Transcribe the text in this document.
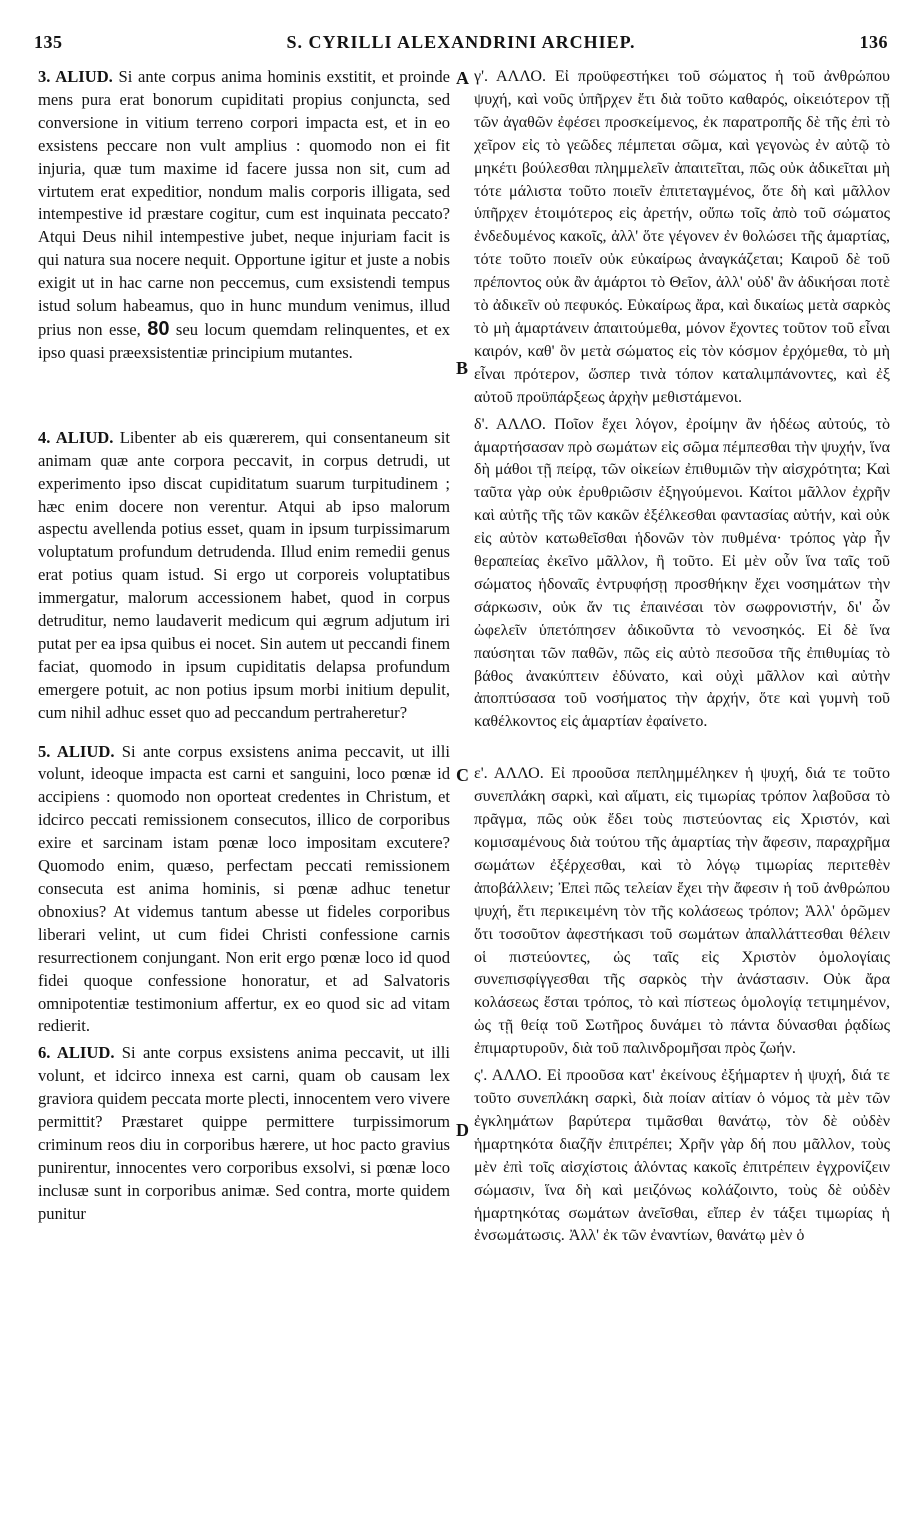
135	S. CYRILLI ALEXANDRINI ARCHIEP.	136
A
B
C
D

3. ALIUD. Si ante corpus anima hominis exstitit, et proinde mens pura erat bonorum cupiditati propius conjuncta, sed conversione in vitium terreno corpori impacta est, et in eo exsistens peccare non vult amplius : quomodo non ei fit injuria, quæ tum maxime id facere jussa non sit, cum ad virtutem erat expeditior, nondum malis corporis illigata, sed intempestive id præstare cogitur, cum est inquinata peccato? Atqui Deus nihil intempestive jubet, neque injuriam facit is qui natura sua nocere nequit. Opportune igitur et juste a nobis exigit ut in hac carne non peccemus, cum exsistendi tempus istud solum habeamus, quo in hunc mundum venimus, illud prius non esse, 80 seu locum quemdam relinquentes, et ex ipso quasi præexsistentiæ principium mutantes.

4. ALIUD. Libenter ab eis quærerem, qui consentaneum sit animam quæ ante corpora peccavit, in corpus detrudi, ut experimento ipso discat cupiditatum suarum turpitudinem ; hæc enim docere non verentur. Atqui ab ipso malorum aspectu avellenda potius esset, quam in ipsum turpissimarum voluptatum profundum detrudenda. Illud enim remedii genus erat potius quam istud. Si ergo ut corporeis voluptatibus immergatur, malorum accessionem habet, quod in corpus detruditur, nemo laudaverit medicum qui ægrum adjutum iri putat per ea ipsa quibus ei nocet. Sin autem ut peccandi finem faciat, quomodo in ipsum cupiditatis delapsa profundum emergere potuit, ac non potius ipsum morbi initium depulit, cum nihil adhuc esset quo ad peccandum pertraheretur?

5. ALIUD. Si ante corpus exsistens anima peccavit, ut illi volunt, ideoque impacta est carni et sanguini, loco pœnæ id accipiens : quomodo non oporteat credentes in Christum, et idcirco peccati remissionem consecutos, illico de corporibus exire et sarcinam istam pœnæ loco impositam excutere? Quomodo enim, quæso, perfectam peccati remissionem consecuta est anima hominis, si pœnæ adhuc tenetur obnoxius? At videmus tantum abesse ut fideles corporibus liberari velint, ut cum fidei Christi confessione carnis resurrectionem conjungant. Non erit ergo pœnæ loco id quod fidei quoque confessione honoratur, et ad Salvatoris omnipotentiæ testimonium affertur, ex eo quod sic ad vitam redierit.

6. ALIUD. Si ante corpus exsistens anima peccavit, ut illi volunt, et idcirco innexa est carni, quam ob causam lex graviora quidem peccata morte plecti, innocentem vero vivere permittit? Præstaret quippe permittere turpissimorum criminum reos diu in corporibus hærere, ut hoc pacto gravius punirentur, innocentes vero corporibus exsolvi, si pœnæ loco inclusæ sunt in corporibus animæ. Sed contra, morte quidem punitur

γ'. ΑΛΛΟ. Εἰ προϋφεστήκει τοῦ σώματος ἡ τοῦ ἀνθρώπου ψυχή, καὶ νοῦς ὑπῆρχεν ἔτι διὰ τοῦτο καθαρός, οἰκειότερον τῇ τῶν ἀγαθῶν ἐφέσει προσκείμενος, ἐκ παρατροπῆς δὲ τῆς ἐπὶ τὸ χεῖρον εἰς τὸ γεῶδες πέμπεται σῶμα, καὶ γεγονὼς ἐν αὐτῷ τὸ μηκέτι βούλεσθαι πλημμελεῖν ἀπαιτεῖται, πῶς οὐκ ἀδικεῖται μὴ τότε μάλιστα τοῦτο ποιεῖν ἐπιτεταγμένος, ὅτε δὴ καὶ μᾶλλον ὑπῆρχεν ἑτοιμότερος εἰς ἀρετήν, οὔπω τοῖς ἀπὸ τοῦ σώματος ἐνδεδυμένος κακοῖς, ἀλλ' ὅτε γέγονεν ἐν θολώσει τῆς ἁμαρτίας, τότε τοῦτο ποιεῖν οὐκ εὐκαίρως ἀναγκάζεται; Καιροῦ δὲ τοῦ πρέποντος οὐκ ἂν ἁμάρτοι τὸ Θεῖον, ἀλλ' οὐδ' ἂν ἀδικήσαι ποτὲ τὸ ἀδικεῖν οὐ πεφυκός. Εὐκαίρως ἄρα, καὶ δικαίως μετὰ σαρκὸς τὸ μὴ ἁμαρτάνειν ἀπαιτούμεθα, μόνον ἔχοντες τοῦτον τοῦ εἶναι καιρόν, καθ' ὃν μετὰ σώματος εἰς τὸν κόσμον ἐρχόμεθα, τὸ μὴ εἶναι πρότερον, ὥσπερ τινὰ τόπον καταλιμπάνοντες, καὶ ἐξ αὐτοῦ προϋπάρξεως ἀρχὴν μεθιστάμενοι.

δ'. ΑΛΛΟ. Ποῖον ἔχει λόγον, ἐροίμην ἂν ἡδέως αὐτούς, τὸ ἁμαρτήσασαν πρὸ σωμάτων εἰς σῶμα πέμπεσθαι τὴν ψυχήν, ἵνα δὴ μάθοι τῇ πείρᾳ, τῶν οἰκείων ἐπιθυμιῶν τὴν αἰσχρότητα; Καὶ ταῦτα γὰρ οὐκ ἐρυθριῶσιν ἐξηγούμενοι. Καίτοι μᾶλλον ἐχρῆν καὶ αὐτῆς τῆς τῶν κακῶν ἐξέλκεσθαι φαντασίας αὐτήν, καὶ οὐκ εἰς αὐτὸν κατωθεῖσθαι ἡδονῶν τὸν πυθμένα· τρόπος γὰρ ἦν θεραπείας ἐκεῖνο μᾶλλον, ἢ τοῦτο. Εἰ μὲν οὖν ἵνα ταῖς τοῦ σώματος ἡδοναῖς ἐντρυφήσῃ προσθήκην ἔχει νοσημάτων τὴν σάρκωσιν, οὐκ ἄν τις ἐπαινέσαι τὸν σωφρονιστήν, δι' ὧν ὠφελεῖν ὑπετόπησεν ἀδικοῦντα τὸ νενοσηκός. Εἰ δὲ ἵνα παύσηται τῶν παθῶν, πῶς εἰς αὐτὸ πεσοῦσα τῆς ἐπιθυμίας τὸ βάθος ἀνακύπτειν ἐδύνατο, καὶ οὐχὶ μᾶλλον καὶ αὐτὴν ἀποπτύσασα τοῦ νοσήματος τὴν ἀρχήν, ὅτε καὶ γυμνὴ τοῦ καθέλκοντος εἰς ἁμαρτίαν ἐφαίνετο.

ε'. ΑΛΛΟ. Εἰ προοῦσα πεπλημμέληκεν ἡ ψυχή, διά τε τοῦτο συνεπλάκη σαρκὶ, καὶ αἵματι, εἰς τιμωρίας τρόπον λαβοῦσα τὸ πρᾶγμα, πῶς οὐκ ἔδει τοὺς πιστεύοντας εἰς Χριστόν, καὶ κομισαμένους διὰ τούτου τῆς ἁμαρτίας τὴν ἄφεσιν, παραχρῆμα σωμάτων ἐξέρχεσθαι, καὶ τὸ λόγῳ τιμωρίας περιτεθὲν ἀποβάλλειν; Ἐπεὶ πῶς τελείαν ἔχει τὴν ἄφεσιν ἡ τοῦ ἀνθρώπου ψυχή, ἔτι περικειμένη τὸν τῆς κολάσεως τρόπον; Ἀλλ' ὁρῶμεν ὅτι τοσοῦτον ἀφεστήκασι τοῦ σωμάτων ἀπαλλάττεσθαι θέλειν οἱ πιστεύοντες, ὡς ταῖς εἰς Χριστὸν ὁμολογίαις συνεπισφίγγεσθαι τῆς σαρκὸς τὴν ἀνάστασιν. Οὐκ ἄρα κολάσεως ἔσται τρόπος, τὸ καὶ πίστεως ὁμολογίᾳ τετιμημένον, ὡς τῇ θείᾳ τοῦ Σωτῆρος δυνάμει τὸ πάντα δύνασθαι ῥᾳδίως ἐπιμαρτυροῦν, διὰ τοῦ παλινδρομῆσαι πρὸς ζωήν.

ς'. ΑΛΛΟ. Εἰ προοῦσα κατ' ἐκείνους ἐξήμαρτεν ἡ ψυχή, διά τε τοῦτο συνεπλάκη σαρκὶ, διὰ ποίαν αἰτίαν ὁ νόμος τὰ μὲν τῶν ἐγκλημάτων βαρύτερα τιμᾶσθαι θανάτῳ, τὸν δὲ οὐδὲν ἡμαρτηκότα διαζῆν ἐπιτρέπει; Χρῆν γὰρ δή που μᾶλλον, τοὺς μὲν ἐπὶ τοῖς αἰσχίστοις ἁλόντας κακοῖς ἐπιτρέπειν ἐγχρονίζειν σώμασιν, ἵνα δὴ καὶ μειζόνως κολάζοιντο, τοὺς δὲ οὐδὲν ἡμαρτηκότας σωμάτων ἀνεῖσθαι, εἴπερ ἐν τάξει τιμωρίας ἡ ἐνσωμάτωσις. Ἀλλ' ἐκ τῶν ἐναντίων, θανάτῳ μὲν ὁ
